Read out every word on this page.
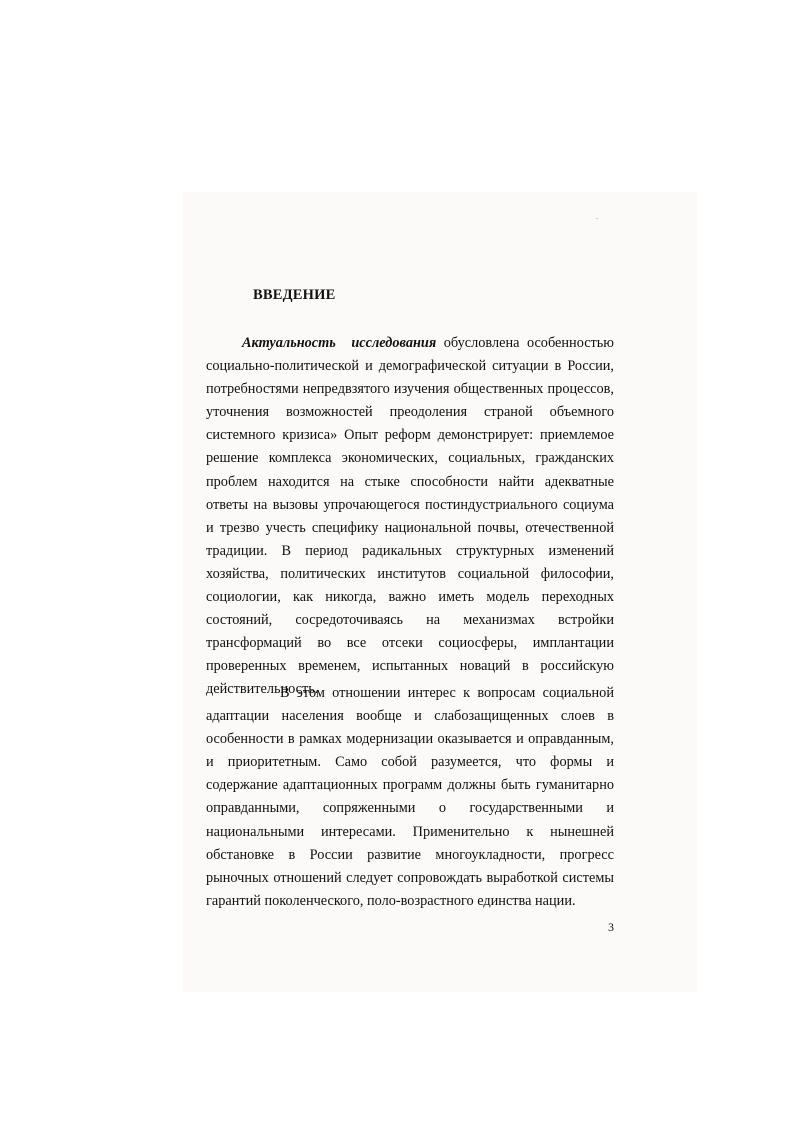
ВВЕДЕНИЕ

Актуальность исследования обусловлена особенностью социально-политической и демографической ситуации в России, потребностями непредвзятого изучения общественных процессов, уточнения возможностей преодоления страной объемного системного кризиса» Опыт реформ демонстрирует: приемлемое решение комплекса экономических, социальных, гражданских проблем находится на стыке способности найти адекватные ответы на вызовы упрочающегося постиндустриального социума и трезво учесть специфику национальной почвы, отечественной традиции. В период радикальных структурных изменений хозяйства, политических институтов социальной философии, социологии, как никогда, важно иметь модель переходных состояний, сосредоточиваясь на механизмах встройки трансформаций во все отсеки социосферы, имплантации проверенных временем, испытанных новаций в российскую действительность.

В этом отношении интерес к вопросам социальной адаптации населения вообще и слабозащищенных слоев в особенности в рамках модернизации оказывается и оправданным, и приоритетным. Само собой разумеется, что формы и содержание адаптационных программ должны быть гуманитарно оправданными, сопряженными о государственными и национальными интересами. Применительно к нынешней обстановке в России развитие многоукладности, прогресс рыночных отношений следует сопровождать выработкой системы гарантий поколенческого, поло-возрастного единства нации.

3
